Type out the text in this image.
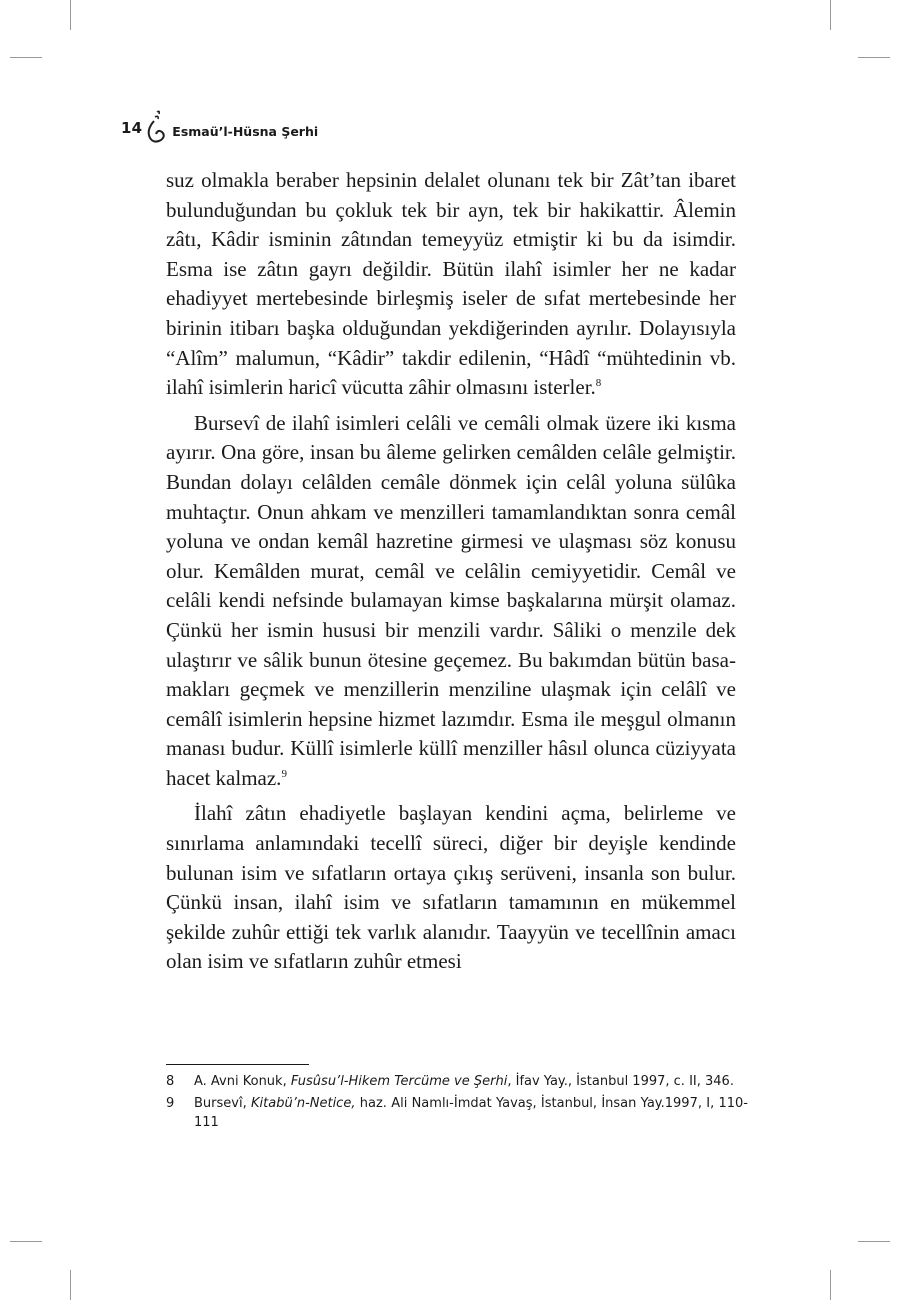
14 Esmaü’l-Hüsna Şerhi

suz olmakla beraber hepsinin delalet olunanı tek bir Zât’tan ibaret bulunduğundan bu çokluk tek bir ayn, tek bir hakikattir. Âlemin zâtı, Kâdir isminin zâtından temeyyüz etmiştir ki bu da isimdir. Esma ise zâtın gayrı değildir. Bütün ilahî isimler her ne kadar ehadiyyet mertebesinde birleşmiş iseler de sıfat mertebesinde her birinin itibarı başka olduğundan yekdiğerinden ayrılır. Dolayısıyla “Alîm” malumun, “Kâdir” takdir edilenin, “Hâdî “mühtedinin vb. ilahî isimlerin haricî vücutta zâhir olmasını isterler.$^8$

Bursevî de ilahî isimleri celâli ve cemâli olmak üzere iki kısma ayırır. Ona göre, insan bu âleme gelirken cemâlden celâle gelmiştir. Bundan dolayı celâlden cemâle dönmek için celâl yoluna sülûka muhtaçtır. Onun ahkam ve menzilleri tamamlandıktan sonra cemâl yoluna ve ondan kemâl hazretine girmesi ve ulaşması söz konusu olur. Kemâlden murat, cemâl ve celâlin cemiyyetidir. Cemâl ve celâli kendi nefsinde bulamayan kimse başkalarına mürşit olamaz. Çünkü her ismin hususi bir menzili vardır. Sâliki o menzile dek ulaştırır ve sâlik bunun ötesine geçemez. Bu bakımdan bütün basamakları geçmek ve menzillerin menziline ulaşmak için celâlî ve cemâlî isimlerin hepsine hizmet lazımdır. Esma ile meşgul olmanın manası budur. Küllî isimlerle küllî menziller hâsıl olunca cüziyyata hacet kalmaz.$^9$

İlahî zâtın ehadiyetle başlayan kendini açma, belirleme ve sınırlama anlamındaki tecellî süreci, diğer bir deyişle kendinde bulunan isim ve sıfatların ortaya çıkış serüveni, insanla son bulur. Çünkü insan, ilahî isim ve sıfatların tamamının en mükemmel şekilde zuhûr ettiği tek varlık alanıdır. Taayyün ve tecellînin amacı olan isim ve sıfatların zuhûr etmesi

8	A. Avni Konuk, Fusûsu’l-Hikem Tercüme ve Şerhi, İfav Yay., İstanbul 1997, c. II, 346.
9	Bursevî, Kitabü’n-Netice, haz. Ali Namlı-İmdat Yavaş, İstanbul, İnsan Yay.1997, I, 110-111
